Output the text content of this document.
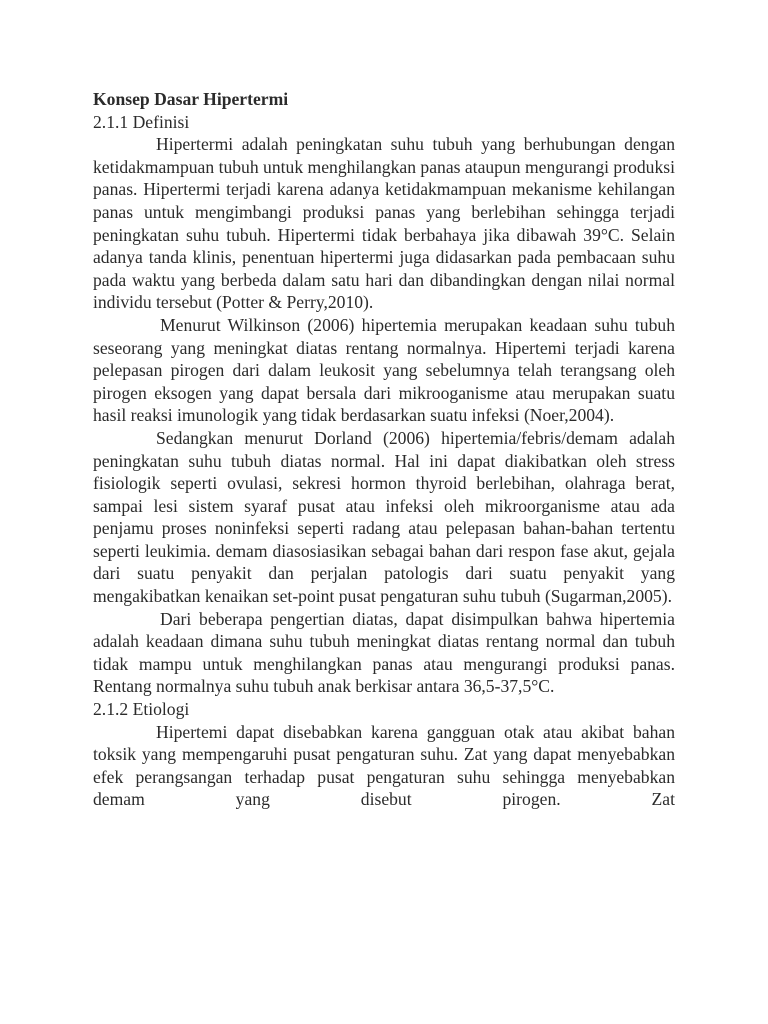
Konsep Dasar Hipertermi

2.1.1 Definisi

Hipertermi adalah peningkatan suhu tubuh yang berhubungan dengan ketidakmampuan tubuh untuk menghilangkan panas ataupun mengurangi produksi panas. Hipertermi terjadi karena adanya ketidakmampuan mekanisme kehilangan panas untuk mengimbangi produksi panas yang berlebihan sehingga terjadi peningkatan suhu tubuh. Hipertermi tidak berbahaya jika dibawah 39°C. Selain adanya tanda klinis, penentuan hipertermi juga didasarkan pada pembacaan suhu pada waktu yang berbeda dalam satu hari dan dibandingkan dengan nilai normal individu tersebut (Potter & Perry,2010).

Menurut Wilkinson (2006) hipertemia merupakan keadaan suhu tubuh seseorang yang meningkat diatas rentang normalnya. Hipertemi terjadi karena pelepasan pirogen dari dalam leukosit yang sebelumnya telah terangsang oleh pirogen eksogen yang dapat bersala dari mikrooganisme atau merupakan suatu hasil reaksi imunologik yang tidak berdasarkan suatu infeksi (Noer,2004).

Sedangkan menurut Dorland (2006) hipertemia/febris/demam adalah peningkatan suhu tubuh diatas normal. Hal ini dapat diakibatkan oleh stress fisiologik seperti ovulasi, sekresi hormon thyroid berlebihan, olahraga berat, sampai lesi sistem syaraf pusat atau infeksi oleh mikroorganisme atau ada penjamu proses noninfeksi seperti radang atau pelepasan bahan-bahan tertentu seperti leukimia. demam diasosiasikan sebagai bahan dari respon fase akut, gejala dari suatu penyakit dan perjalan patologis dari suatu penyakit yang mengakibatkan kenaikan set-point pusat pengaturan suhu tubuh (Sugarman,2005).

Dari beberapa pengertian diatas, dapat disimpulkan bahwa hipertemia adalah keadaan dimana suhu tubuh meningkat diatas rentang normal dan tubuh tidak mampu untuk menghilangkan panas atau mengurangi produksi panas. Rentang normalnya suhu tubuh anak berkisar antara 36,5-37,5°C.

2.1.2 Etiologi

Hipertemi dapat disebabkan karena gangguan otak atau akibat bahan toksik yang mempengaruhi pusat pengaturan suhu. Zat yang dapat menyebabkan efek perangsangan terhadap pusat pengaturan suhu sehingga menyebabkan demam yang disebut pirogen. Zat
